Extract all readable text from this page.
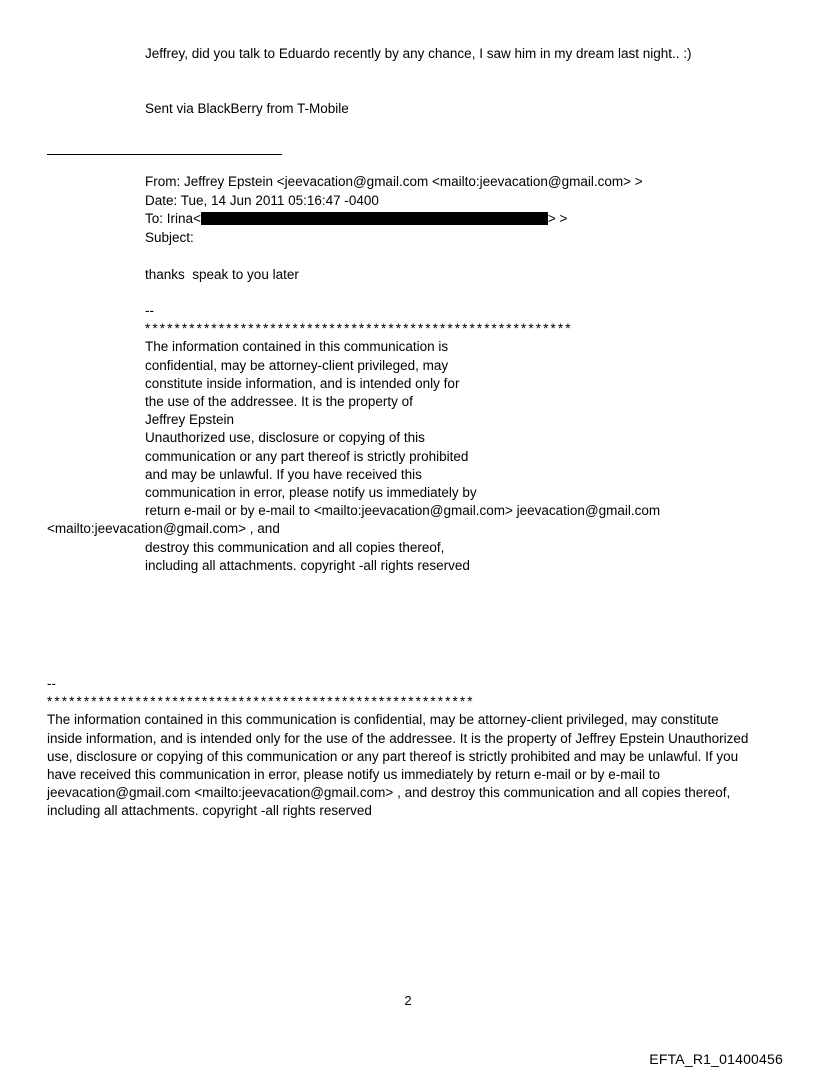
Jeffrey, did you talk to Eduardo recently by any chance, I saw him in my dream last night.. :)
Sent via BlackBerry from T-Mobile
From: Jeffrey Epstein <jeevacation@gmail.com <mailto:jeevacation@gmail.com> >
Date: Tue, 14 Jun 2011 05:16:47 -0400
To: Irina<	> >
Subject:
thanks  speak to you later
--
**********************************************************
The information contained in this communication is
confidential, may be attorney-client privileged, may
constitute inside information, and is intended only for
the use of the addressee. It is the property of
Jeffrey Epstein
Unauthorized use, disclosure or copying of this
communication or any part thereof is strictly prohibited
and may be unlawful. If you have received this
communication in error, please notify us immediately by
return e-mail or by e-mail to <mailto:jeevacation@gmail.com> jeevacation@gmail.com
<mailto:jeevacation@gmail.com> , and
destroy this communication and all copies thereof,
including all attachments. copyright -all rights reserved
--
**********************************************************
The information contained in this communication is confidential, may be attorney-client privileged, may constitute
inside information, and is intended only for the use of the addressee. It is the property of Jeffrey Epstein Unauthorized
use, disclosure or copying of this communication or any part thereof is strictly prohibited and may be unlawful. If you
have received this communication in error, please notify us immediately by return e-mail or by e-mail to
jeevacation@gmail.com <mailto:jeevacation@gmail.com> , and destroy this communication and all copies thereof,
including all attachments. copyright -all rights reserved
2
EFTA_R1_01400456
